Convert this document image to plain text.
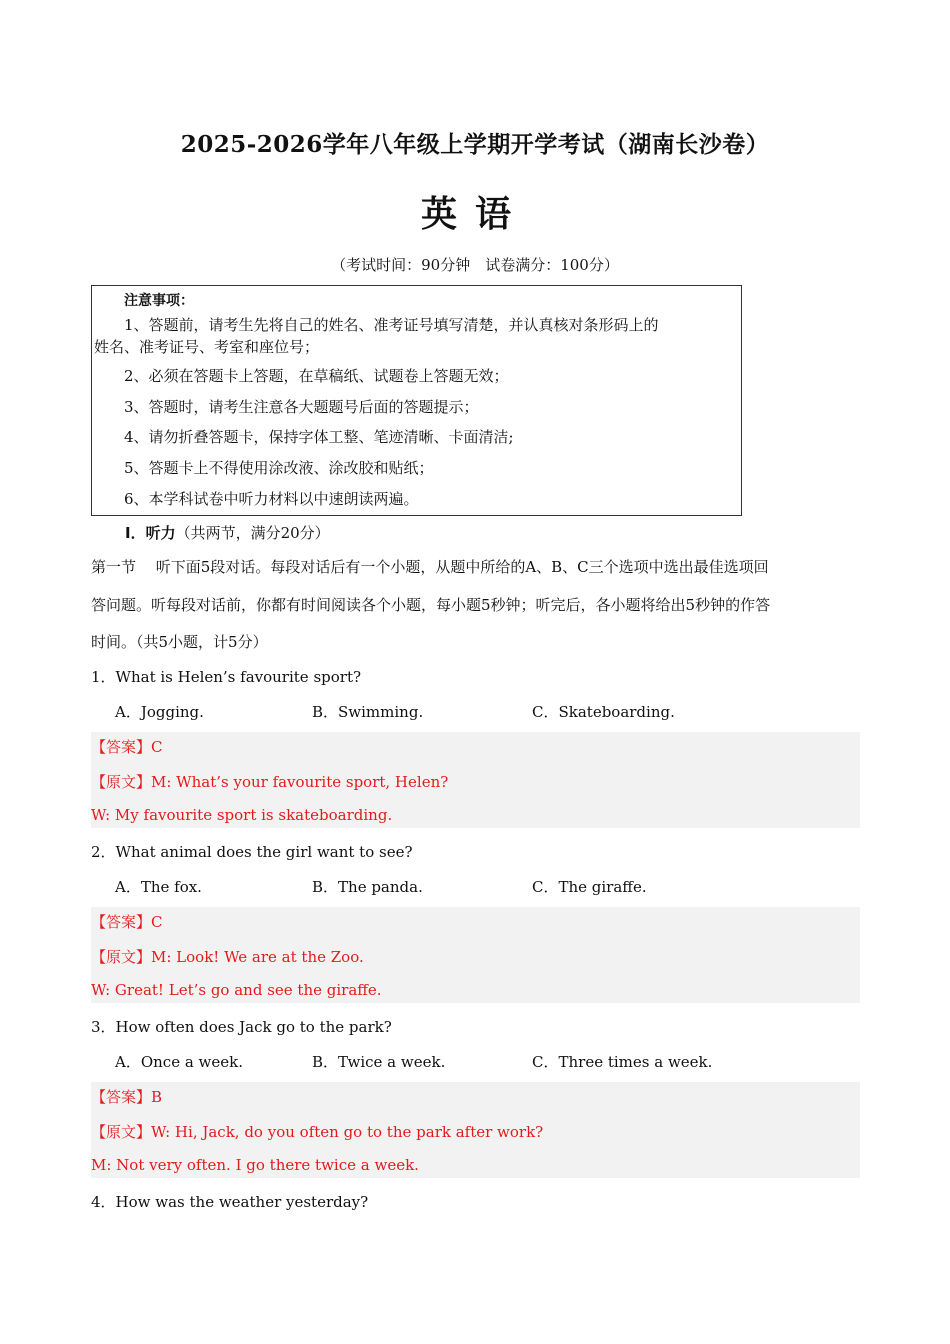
2025-2026学年八年级上学期开学考试（湖南长沙卷）
英语
（考试时间：90分钟　试卷满分：100分）
注意事项：
1、答题前，请考生先将自己的姓名、准考证号填写清楚，并认真核对条形码上的
姓名、准考证号、考室和座位号；
2、必须在答题卡上答题，在草稿纸、试题卷上答题无效；
3、答题时，请考生注意各大题题号后面的答题提示；
4、请勿折叠答题卡，保持字体工整、笔迹清晰、卡面清洁;
5、答题卡上不得使用涂改液、涂改胶和贴纸；
6、本学科试卷中听力材料以中速朗读两遍。
I．听力（共两节，满分20分）
第一节　 听下面5段对话。每段对话后有一个小题，从题中所给的A、B、C三个选项中选出最佳选项回
答问题。听每段对话前，你都有时间阅读各个小题，每小题5秒钟；听完后，各小题将给出5秒钟的作答
时间。（共5小题，计5分）
1．What is Helen’s favourite sport?
A．Jogging.	B．Swimming.	C．Skateboarding.
【答案】C
【原文】M: What’s your favourite sport, Helen?
W: My favourite sport is skateboarding.
2．What animal does the girl want to see?
A．The fox.	B．The panda.	C．The giraffe.
【答案】C
【原文】M: Look! We are at the Zoo.
W: Great! Let’s go and see the giraffe.
3．How often does Jack go to the park?
A．Once a week.	B．Twice a week.	C．Three times a week.
【答案】B
【原文】W: Hi, Jack, do you often go to the park after work?
M: Not very often. I go there twice a week.
4．How was the weather yesterday?
